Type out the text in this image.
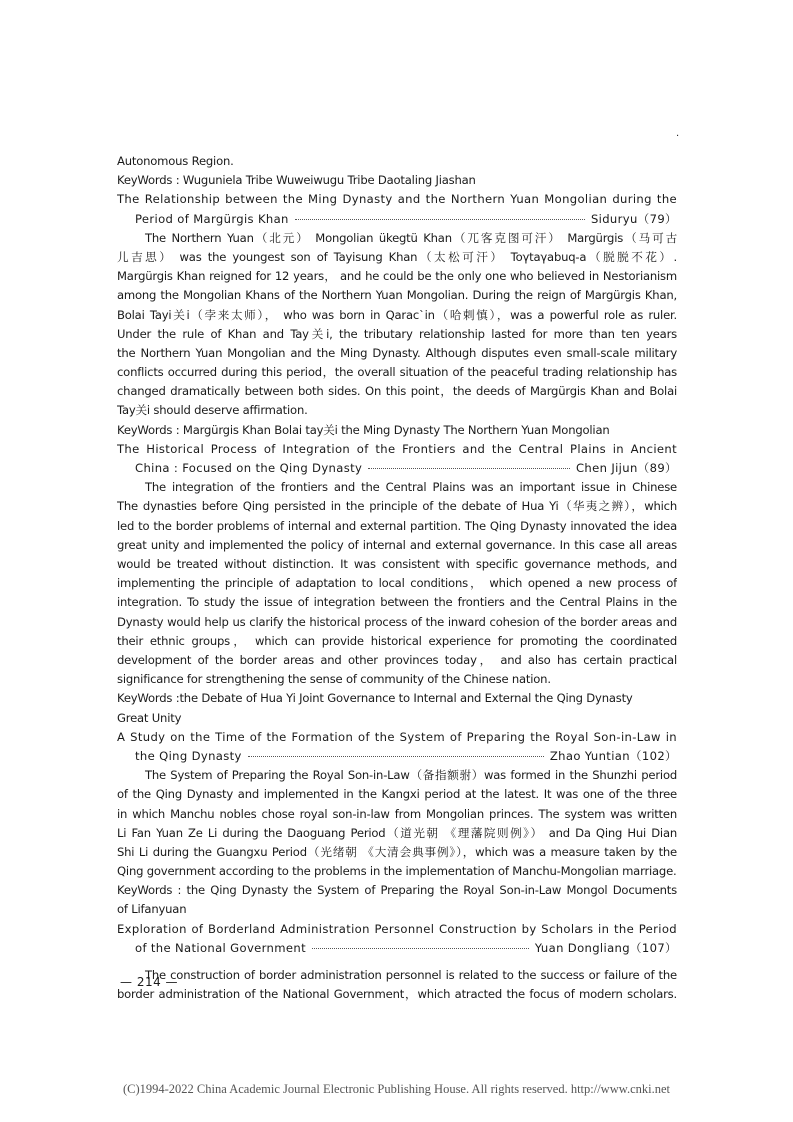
.
Autonomous Region.
KeyWords : Wuguniela Tribe Wuweiwugu Tribe Daotaling Jiashan
The Relationship between the Ming Dynasty and the Northern Yuan Mongolian during the
Period of Margürgis Khan	Siduryu（79）
The Northern Yuan（北元） Mongolian ükegtü Khan（兀客克图可汗） Margürgis（马可古
儿吉思） was the youngest son of Tayisung Khan（太松可汗） Toγtaγabuq-a（脱脱不花）.
Margürgis Khan reigned for 12 years， and he could be the only one who believed in Nestorianism
among the Mongolian Khans of the Northern Yuan Mongolian. During the reign of Margürgis Khan,
Bolai Tayi关i（孛来太师）， who was born in Qarac`in（哈剌慎），was a powerful role as ruler.
Under the rule of Khan and Tay关i, the tributary relationship lasted for more than ten years
the Northern Yuan Mongolian and the Ming Dynasty. Although disputes even small-scale military
conflicts occurred during this period，the overall situation of the peaceful trading relationship has
changed dramatically between both sides. On this point，the deeds of Margürgis Khan and Bolai
Tay关i should deserve affirmation.
KeyWords : Margürgis Khan Bolai tay关i the Ming Dynasty The Northern Yuan Mongolian
The Historical Process of Integration of the Frontiers and the Central Plains in Ancient
China : Focused on the Qing Dynasty	Chen Jijun（89）
The integration of the frontiers and the Central Plains was an important issue in Chinese
The dynasties before Qing persisted in the principle of the debate of Hua Yi（华夷之辨），which
led to the border problems of internal and external partition. The Qing Dynasty innovated the idea
great unity and implemented the policy of internal and external governance. In this case all areas
would be treated without distinction. It was consistent with specific governance methods, and
implementing the principle of adaptation to local conditions， which opened a new process of
integration. To study the issue of integration between the frontiers and the Central Plains in the
Dynasty would help us clarify the historical process of the inward cohesion of the border areas and
their ethnic groups， which can provide historical experience for promoting the coordinated
development of the border areas and other provinces today， and also has certain practical
significance for strengthening the sense of community of the Chinese nation.
KeyWords :the Debate of Hua Yi Joint Governance to Internal and External the Qing Dynasty
Great Unity
A Study on the Time of the Formation of the System of Preparing the Royal Son-in-Law in
the Qing Dynasty	Zhao Yuntian（102）
The System of Preparing the Royal Son-in-Law（备指额驸）was formed in the Shunzhi period
of the Qing Dynasty and implemented in the Kangxi period at the latest. It was one of the three
in which Manchu nobles chose royal son-in-law from Mongolian princes. The system was written
Li Fan Yuan Ze Li during the Daoguang Period（道光朝 《理藩院则例》） and Da Qing Hui Dian
Shi Li during the Guangxu Period（光绪朝 《大清会典事例》），which was a measure taken by the
Qing government according to the problems in the implementation of Manchu-Mongolian marriage.
KeyWords : the Qing Dynasty the System of Preparing the Royal Son-in-Law Mongol Documents
of Lifanyuan
Exploration of Borderland Administration Personnel Construction by Scholars in the Period
of the National Government	Yuan Dongliang（107）
The construction of border administration personnel is related to the success or failure of the
border administration of the National Government，which atracted the focus of modern scholars.
— 214 —
(C)1994-2022 China Academic Journal Electronic Publishing House. All rights reserved. http://www.cnki.net
